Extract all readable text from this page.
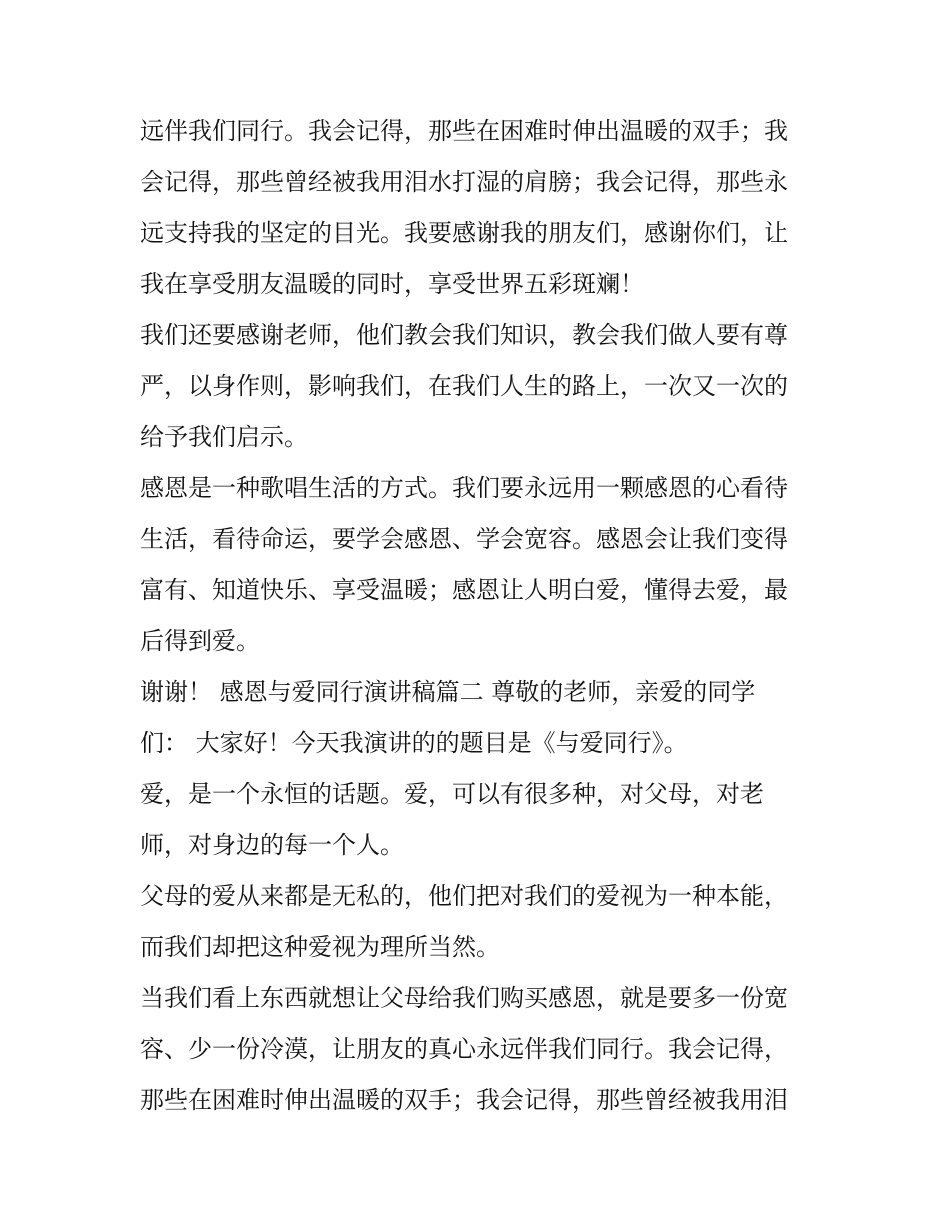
远伴我们同行。我会记得，那些在困难时伸出温暖的双手；我
会记得，那些曾经被我用泪水打湿的肩膀；我会记得，那些永
远支持我的坚定的目光。我要感谢我的朋友们，感谢你们，让
我在享受朋友温暖的同时，享受世界五彩斑斓！
我们还要感谢老师，他们教会我们知识，教会我们做人要有尊
严，以身作则，影响我们，在我们人生的路上，一次又一次的
给予我们启示。
感恩是一种歌唱生活的方式。我们要永远用一颗感恩的心看待
生活，看待命运，要学会感恩、学会宽容。感恩会让我们变得
富有、知道快乐、享受温暖；感恩让人明白爱，懂得去爱，最
后得到爱。
谢谢！ 感恩与爱同行演讲稿篇二 尊敬的老师，亲爱的同学
们： 大家好！今天我演讲的的题目是《与爱同行》。
爱，是一个永恒的话题。爱，可以有很多种，对父母，对老
师，对身边的每一个人。
父母的爱从来都是无私的，他们把对我们的爱视为一种本能，
而我们却把这种爱视为理所当然。
当我们看上东西就想让父母给我们购买感恩，就是要多一份宽
容、少一份冷漠，让朋友的真心永远伴我们同行。我会记得，
那些在困难时伸出温暖的双手；我会记得，那些曾经被我用泪
